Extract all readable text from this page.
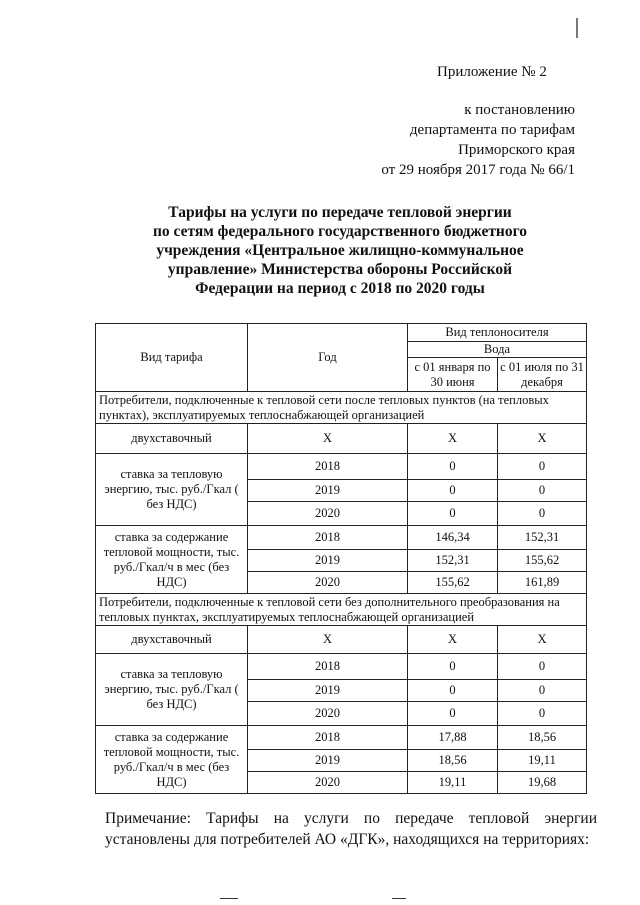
Приложение № 2
к постановлению
департамента по тарифам
Приморского края
от 29 ноября 2017 года № 66/1
Тарифы на услуги по передаче тепловой энергии
по сетям федерального государственного бюджетного
учреждения «Центральное жилищно-коммунальное
управление» Министерства обороны Российской
Федерации на период с 2018 по 2020 годы
Вид тарифа	Год	Вид теплоносителя	
		Вода	
		с 01 января по 30 июня	с 01 июля по 31 декабря
Потребители, подключенные к тепловой сети после тепловых пунктов (на тепловых пунктах), эксплуатируемых теплоснабжающей организацией			
двухставочный	Х	Х	Х
ставка за тепловую энергию, тыс. руб./Гкал ( без НДС)	2018	0	0
	2019	0	0
	2020	0	0
ставка за содержание тепловой мощности, тыс. руб./Гкал/ч в мес (без НДС)	2018	146,34	152,31
	2019	152,31	155,62
	2020	155,62	161,89
Потребители, подключенные к тепловой сети без дополнительного преобразования на тепловых пунктах, эксплуатируемых теплоснабжающей организацией			
двухставочный	Х	Х	Х
ставка за тепловую энергию, тыс. руб./Гкал ( без НДС)	2018	0	0
	2019	0	0
	2020	0	0
ставка за содержание тепловой мощности, тыс. руб./Гкал/ч в мес (без НДС)	2018	17,88	18,56
	2019	18,56	19,11
	2020	19,11	19,68
Примечание: Тарифы на услуги по передаче тепловой энергии установлены для потребителей АО «ДГК», находящихся на территориях:
